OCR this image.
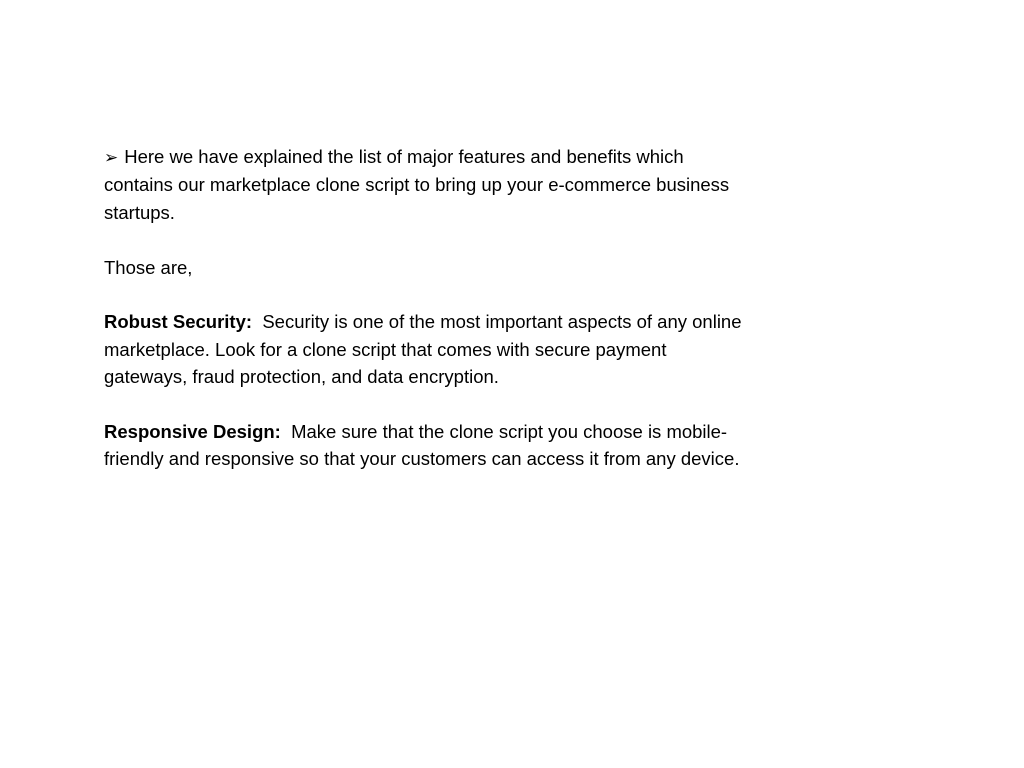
➢ Here we have explained the list of major features and benefits which contains our marketplace clone script to bring up your e-commerce business startups.

Those are,

Robust Security: Security is one of the most important aspects of any online marketplace. Look for a clone script that comes with secure payment gateways, fraud protection, and data encryption.

Responsive Design: Make sure that the clone script you choose is mobile-friendly and responsive so that your customers can access it from any device.
